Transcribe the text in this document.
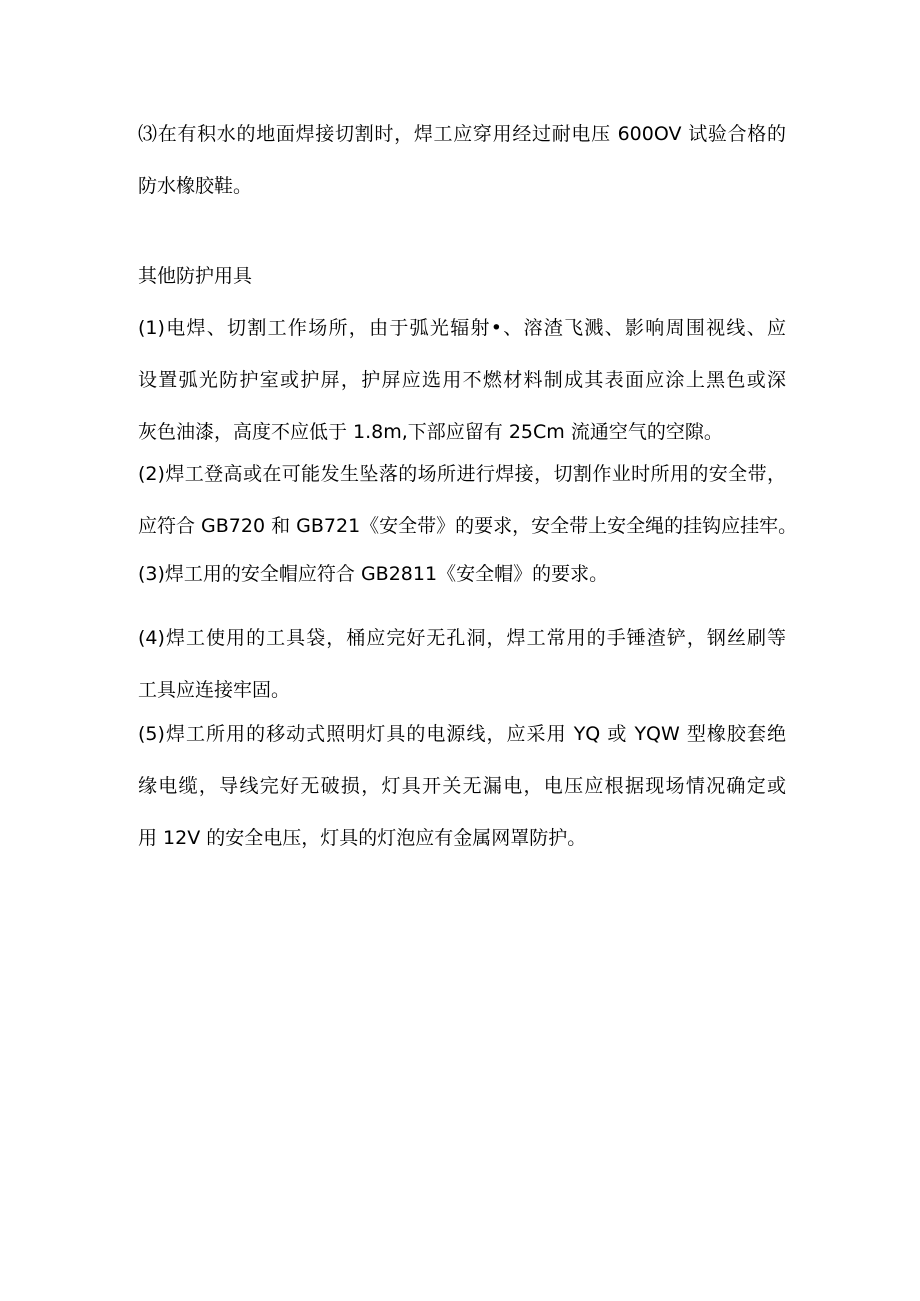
⑶在有积水的地面焊接切割时，焊工应穿用经过耐电压 600OV 试验合格的
防水橡胶鞋。

其他防护用具

(1)电焊、切割工作场所，由于弧光辐射•、溶渣飞溅、影响周围视线、应
设置弧光防护室或护屏，护屏应选用不燃材料制成其表面应涂上黑色或深
灰色油漆，高度不应低于 1.8m,下部应留有 25Cm 流通空气的空隙。

(2)焊工登高或在可能发生坠落的场所进行焊接，切割作业时所用的安全带，
应符合 GB720 和 GB721《安全带》的要求，安全带上安全绳的挂钩应挂牢。

(3)焊工用的安全帽应符合 GB2811《安全帽》的要求。

(4)焊工使用的工具袋，桶应完好无孔洞，焊工常用的手锤渣铲，钢丝刷等
工具应连接牢固。

(5)焊工所用的移动式照明灯具的电源线，应采用 YQ 或 YQW 型橡胶套绝
缘电缆，导线完好无破损，灯具开关无漏电，电压应根据现场情况确定或
用 12V 的安全电压，灯具的灯泡应有金属网罩防护。
